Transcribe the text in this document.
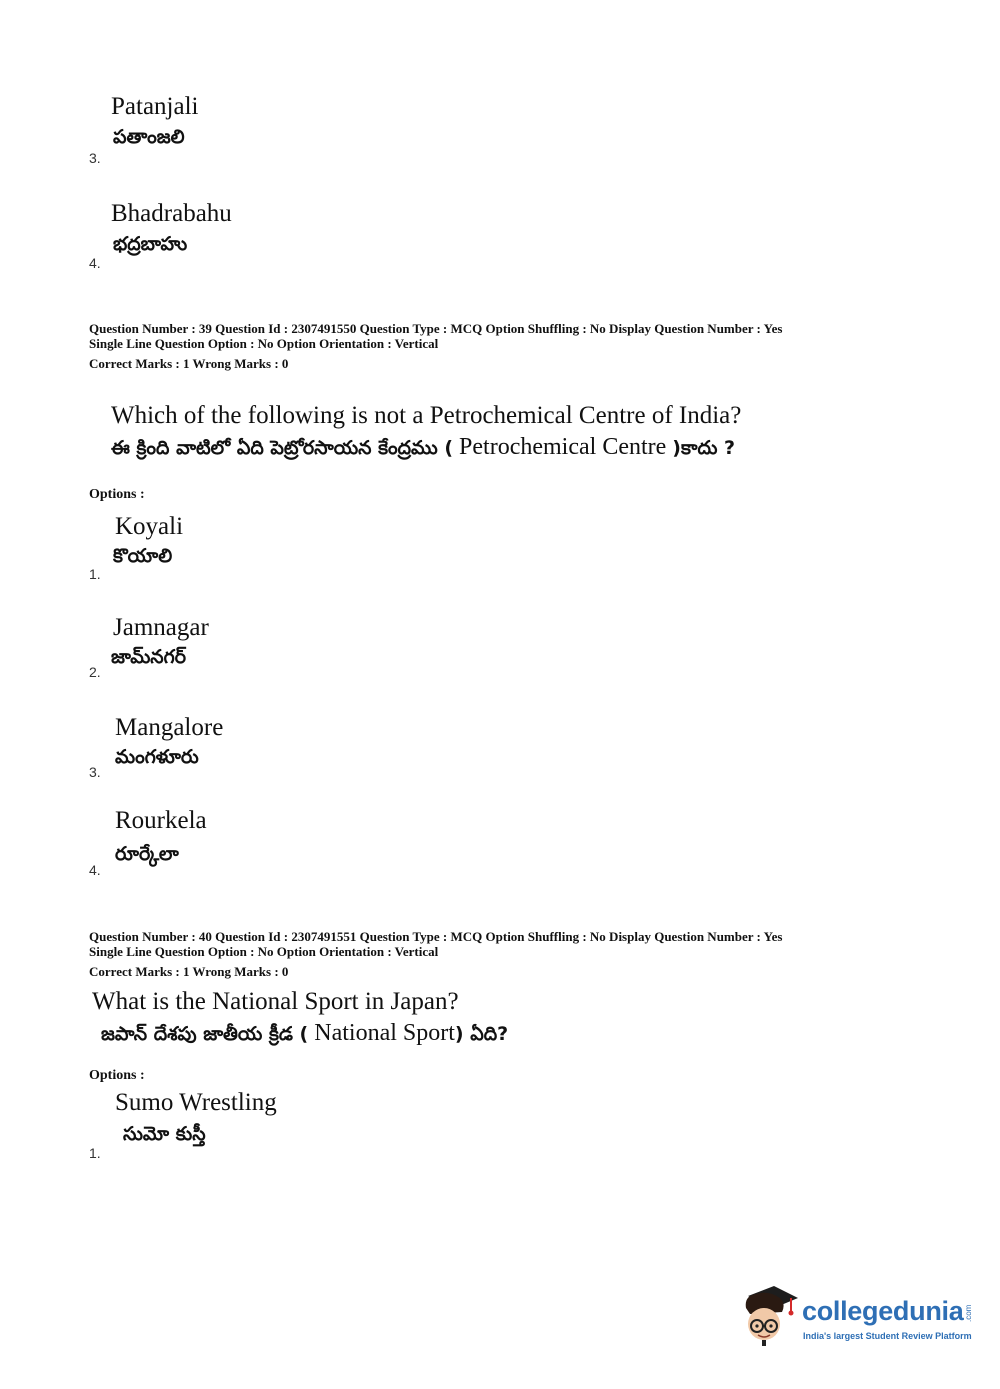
Patanjali
పతాంజలి
3.
Bhadrabahu
భద్రబాహు
4.
Question Number : 39 Question Id : 2307491550 Question Type : MCQ Option Shuffling : No Display Question Number : Yes
Single Line Question Option : No Option Orientation : Vertical
Correct Marks : 1 Wrong Marks : 0
Which of the following is not a Petrochemical Centre of India?
ఈ క్రింది వాటిలో ఏది పెట్రోరసాయన కేంద్రము ( Petrochemical Centre )కాదు ?
Options :
Koyali
కొయాలి
1.
Jamnagar
జామ్‌నగర్
2.
Mangalore
మంగళూరు
3.
Rourkela
రూర్కేలా
4.
Question Number : 40 Question Id : 2307491551 Question Type : MCQ Option Shuffling : No Display Question Number : Yes
Single Line Question Option : No Option Orientation : Vertical
Correct Marks : 1 Wrong Marks : 0
What is the National Sport in Japan?
జపాన్ దేశపు జాతీయ క్రీడ ( National Sport) ఏది?
Options :
Sumo Wrestling
సుమో కుస్తీ
1.
collegedunia.com
India's largest Student Review Platform
